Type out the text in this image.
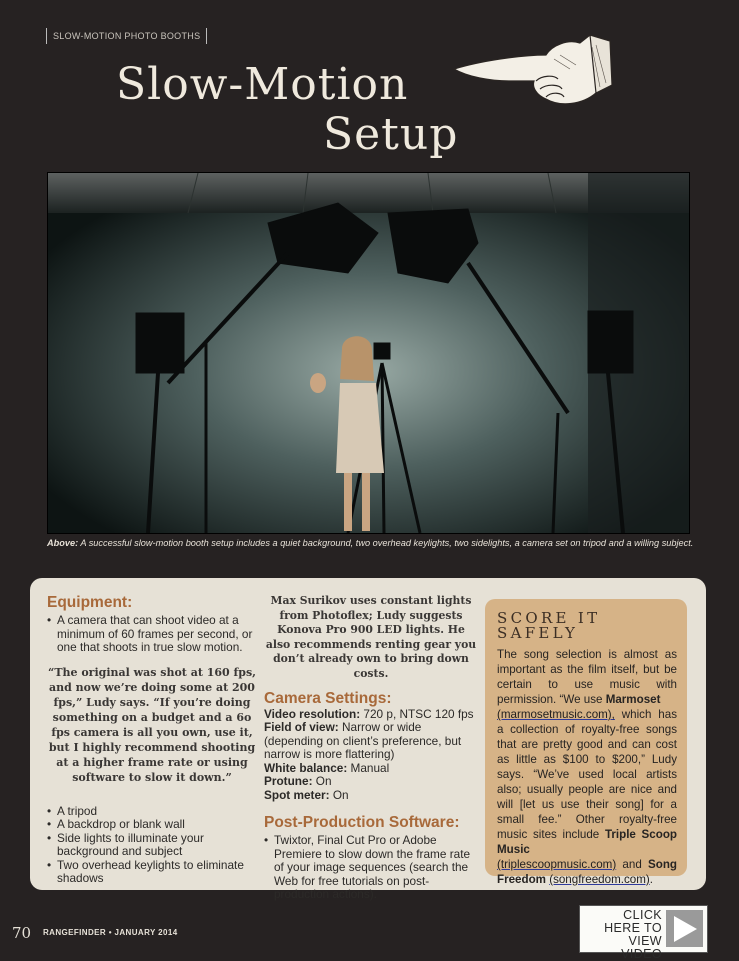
SLOW-MOTION PHOTO BOOTHS
Slow-Motion
Setup
Above: A successful slow-motion booth setup includes a quiet background, two overhead keylights, two sidelights, a camera set on tripod and a willing subject.
Equipment:
• A camera that can shoot video at a minimum of 60 frames per second, or one that shoots in true slow motion.
“The original was shot at 160 fps, and now we’re doing some at 200 fps,” Ludy says. “If you’re doing something on a budget and a 6o fps camera is all you own, use it, but I highly recommend shooting at a higher frame rate or using software to slow it down.”
• A tripod
• A backdrop or blank wall
• Side lights to illuminate your background and subject
• Two overhead keylights to eliminate shadows
Max Surikov uses constant lights from Photoflex; Ludy suggests Konova Pro 900 LED lights. He also recommends renting gear you don’t already own to bring down costs.
Camera Settings:

Video resolution: 720 p, NTSC 120 fps

Field of view: Narrow or wide (depending on client’s preference, but narrow is more flattering)

White balance: Manual

Protune: On

Spot meter: On

Post-Production Software:
• Twixtor, Final Cut Pro or Adobe Premiere to slow down the frame rate of your image sequences (search the Web for free tutorials on post-production actions).
SCORE IT SAFELY
The song selection is almost as important as the film itself, but be certain to use music with permission. “We use Marmoset
(marmosetmusic.com), which has a collection of royalty-free songs that are pretty good and can cost as little as $100 to $200,” Ludy says. “We’ve used local artists also; usually people are nice and will [let us use their song] for a small fee.” Other royalty-free music sites include Triple Scoop Music
(triplescoopmusic.com) and Song Freedom (songfreedom.com).
70 RANGEFINDER • JANUARY 2014
CLICK HERE TO VIEW VIDEO
